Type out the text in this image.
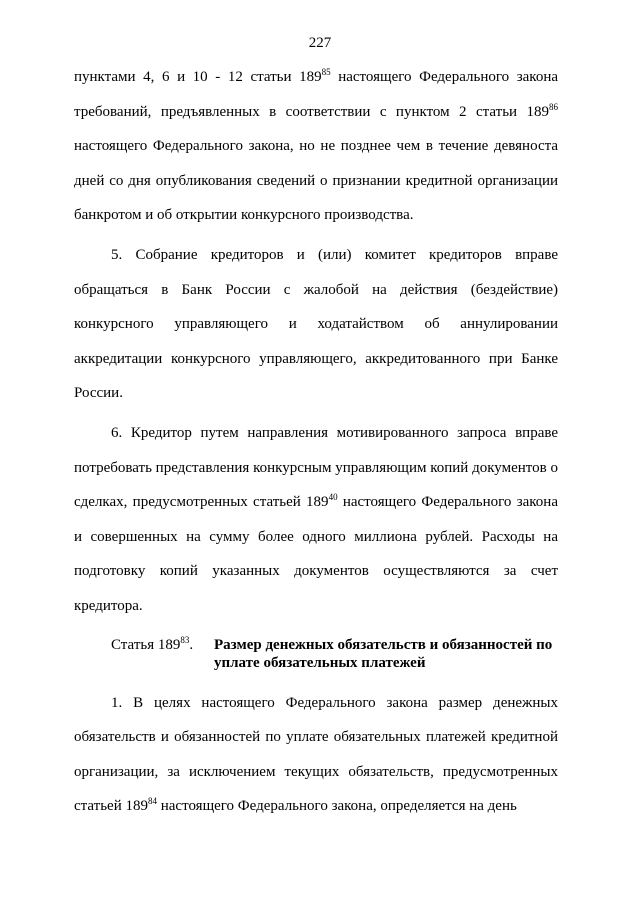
227

пунктами 4, 6 и 10 - 12 статьи $189^{85}$ настоящего Федерального закона требований, предъявленных в соответствии с пунктом 2 статьи $189^{86}$ настоящего Федерального закона, но не позднее чем в течение девяноста дней со дня опубликования сведений о признании кредитной организации банкротом и об открытии конкурсного производства.

5. Собрание кредиторов и (или) комитет кредиторов вправе обращаться в Банк России с жалобой на действия (бездействие) конкурсного управляющего и ходатайством об аннулировании аккредитации конкурсного управляющего, аккредитованного при Банке России.

6. Кредитор путем направления мотивированного запроса вправе потребовать представления конкурсным управляющим копий документов о сделках, предусмотренных статьей $189^{40}$ настоящего Федерального закона и совершенных на сумму более одного миллиона рублей. Расходы на подготовку копий указанных документов осуществляются за счет кредитора.

Статья $189^{83}$.	Размер денежных обязательств и обязанностей по уплате обязательных платежей

1. В целях настоящего Федерального закона размер денежных обязательств и обязанностей по уплате обязательных платежей кредитной организации, за исключением текущих обязательств, предусмотренных статьей $189^{84}$ настоящего Федерального закона, определяется на день
